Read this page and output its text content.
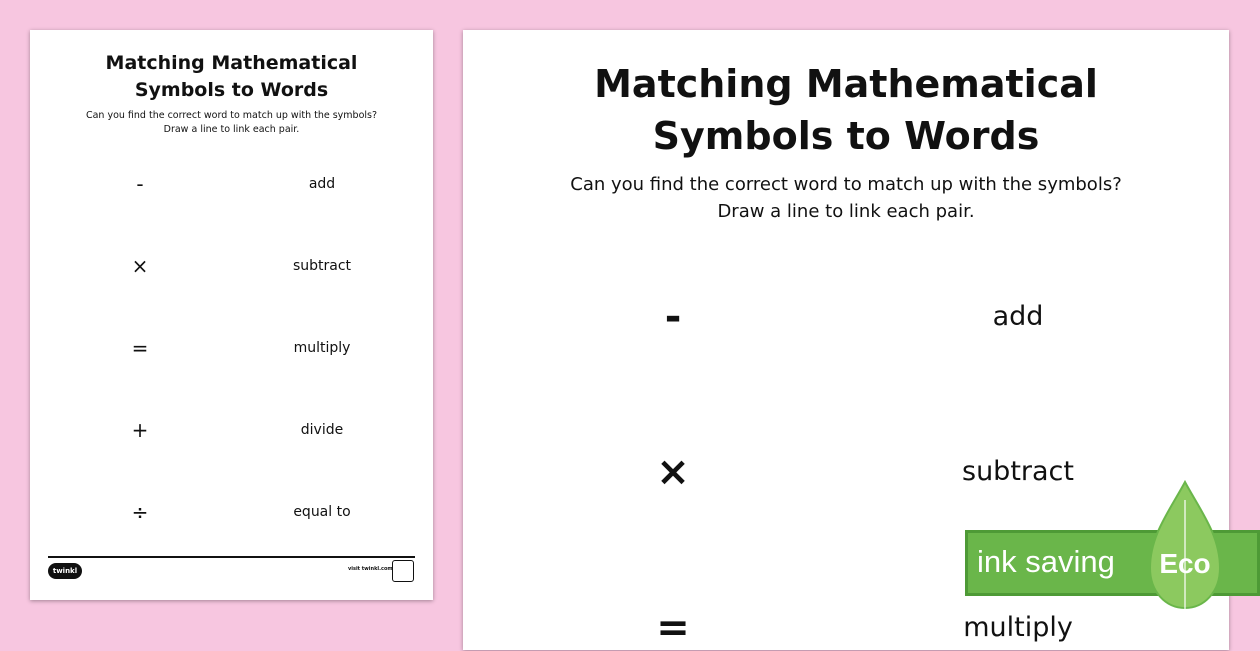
Matching Mathematical
Symbols to Words
Can you find the correct word to match up with the symbols?
Draw a line to link each pair.
-	add
×	subtract
=	multiply
+	divide
÷	equal to
twinkl	visit twinkl.com
Matching Mathematical
Symbols to Words
Can you find the correct word to match up with the symbols?
Draw a line to link each pair.
-	add
×	subtract
=	multiply
ink saving Eco
